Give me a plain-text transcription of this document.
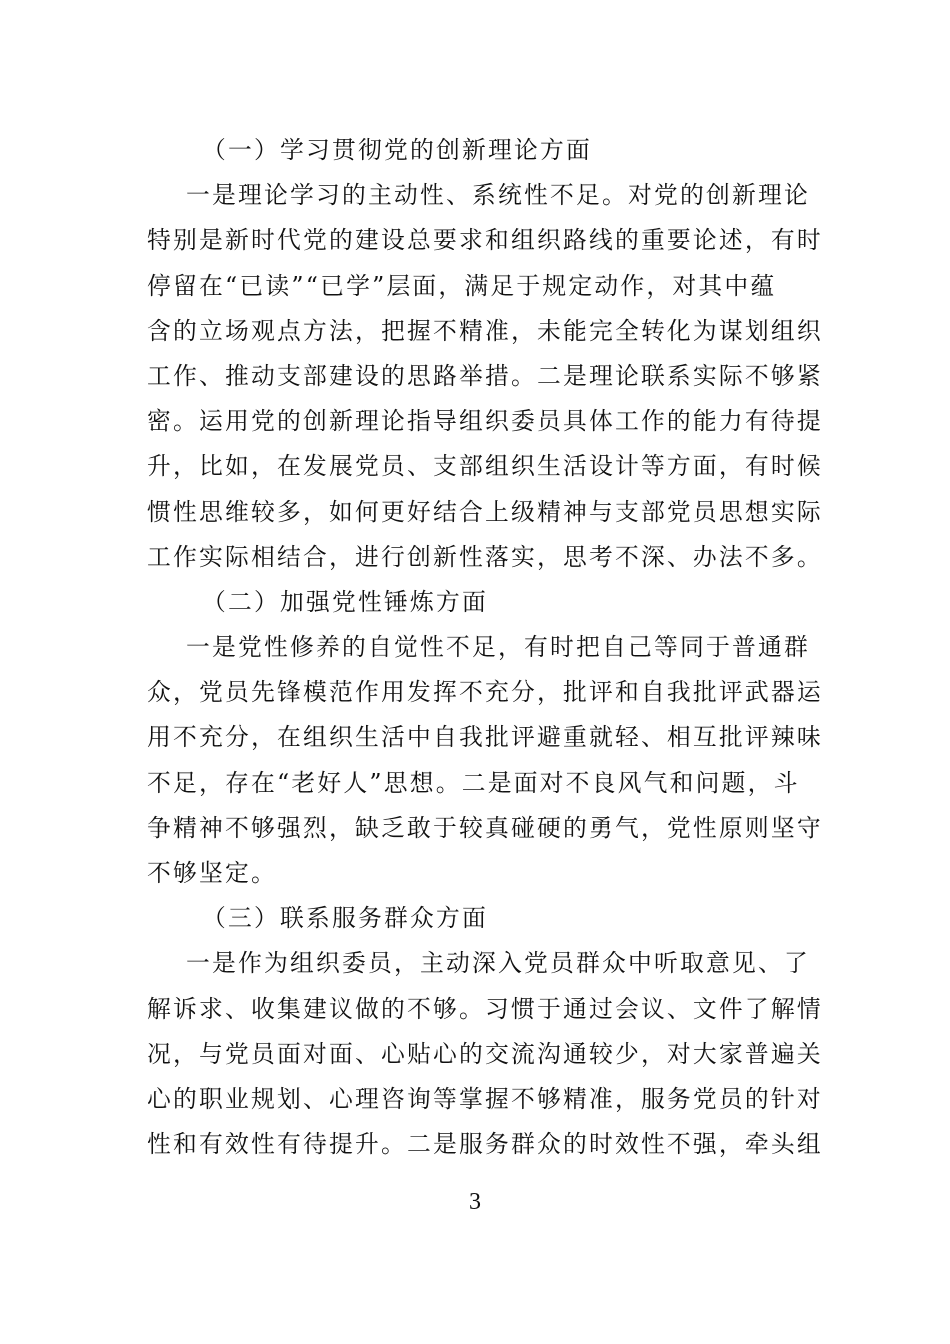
（一）学习贯彻党的创新理论方面

一是理论学习的主动性、系统性不足。对党的创新理论
特别是新时代党的建设总要求和组织路线的重要论述，有时
停留在“已读”“已学”层面，满足于规定动作，对其中蕴
含的立场观点方法，把握不精准，未能完全转化为谋划组织
工作、推动支部建设的思路举措。二是理论联系实际不够紧
密。运用党的创新理论指导组织委员具体工作的能力有待提
升，比如，在发展党员、支部组织生活设计等方面，有时候
惯性思维较多，如何更好结合上级精神与支部党员思想实际
工作实际相结合，进行创新性落实，思考不深、办法不多。

（二）加强党性锤炼方面

一是党性修养的自觉性不足，有时把自己等同于普通群
众，党员先锋模范作用发挥不充分，批评和自我批评武器运
用不充分，在组织生活中自我批评避重就轻、相互批评辣味
不足，存在“老好人”思想。二是面对不良风气和问题，斗
争精神不够强烈，缺乏敢于较真碰硬的勇气，党性原则坚守
不够坚定。

（三）联系服务群众方面

一是作为组织委员，主动深入党员群众中听取意见、了
解诉求、收集建议做的不够。习惯于通过会议、文件了解情
况，与党员面对面、心贴心的交流沟通较少，对大家普遍关
心的职业规划、心理咨询等掌握不够精准，服务党员的针对
性和有效性有待提升。二是服务群众的时效性不强，牵头组

3
